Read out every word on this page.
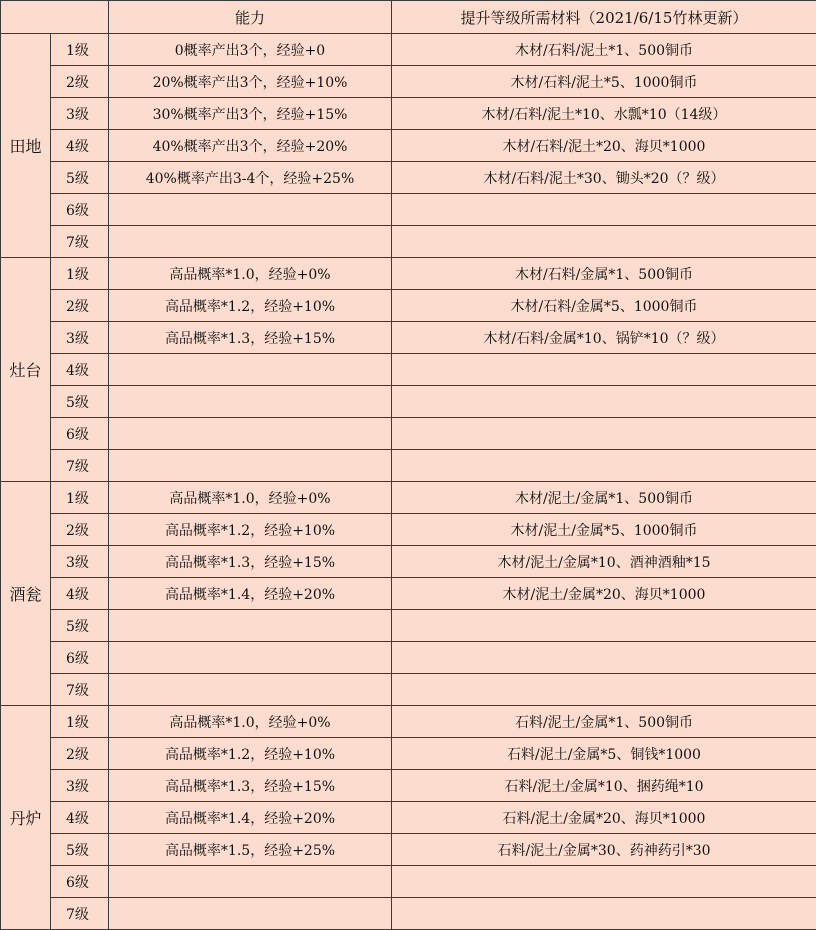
		能力	提升等级所需材料（2021/6/15竹林更新）
田地	1级	0概率产出3个，经验+0	木材/石料/泥土*1、500铜币
	2级	20%概率产出3个，经验+10%	木材/石料/泥土*5、1000铜币
	3级	30%概率产出3个，经验+15%	木材/石料/泥土*10、水瓢*10（14级）
	4级	40%概率产出3个，经验+20%	木材/石料/泥土*20、海贝*1000
	5级	40%概率产出3-4个，经验+25%	木材/石料/泥土*30、锄头*20（？级）
	6级		
	7级		
灶台	1级	高品概率*1.0，经验+0%	木材/石料/金属*1、500铜币
	2级	高品概率*1.2，经验+10%	木材/石料/金属*5、1000铜币
	3级	高品概率*1.3，经验+15%	木材/石料/金属*10、锅铲*10（？级）
	4级		
	5级		
	6级		
	7级		
酒瓮	1级	高品概率*1.0，经验+0%	木材/泥土/金属*1、500铜币
	2级	高品概率*1.2，经验+10%	木材/泥土/金属*5、1000铜币
	3级	高品概率*1.3，经验+15%	木材/泥土/金属*10、酒神酒釉*15
	4级	高品概率*1.4，经验+20%	木材/泥土/金属*20、海贝*1000
	5级		
	6级		
	7级		
丹炉	1级	高品概率*1.0，经验+0%	石料/泥土/金属*1、500铜币
	2级	高品概率*1.2，经验+10%	石料/泥土/金属*5、铜钱*1000
	3级	高品概率*1.3，经验+15%	石料/泥土/金属*10、捆药绳*10
	4级	高品概率*1.4，经验+20%	石料/泥土/金属*20、海贝*1000
	5级	高品概率*1.5，经验+25%	石料/泥土/金属*30、药神药引*30
	6级		
	7级		
